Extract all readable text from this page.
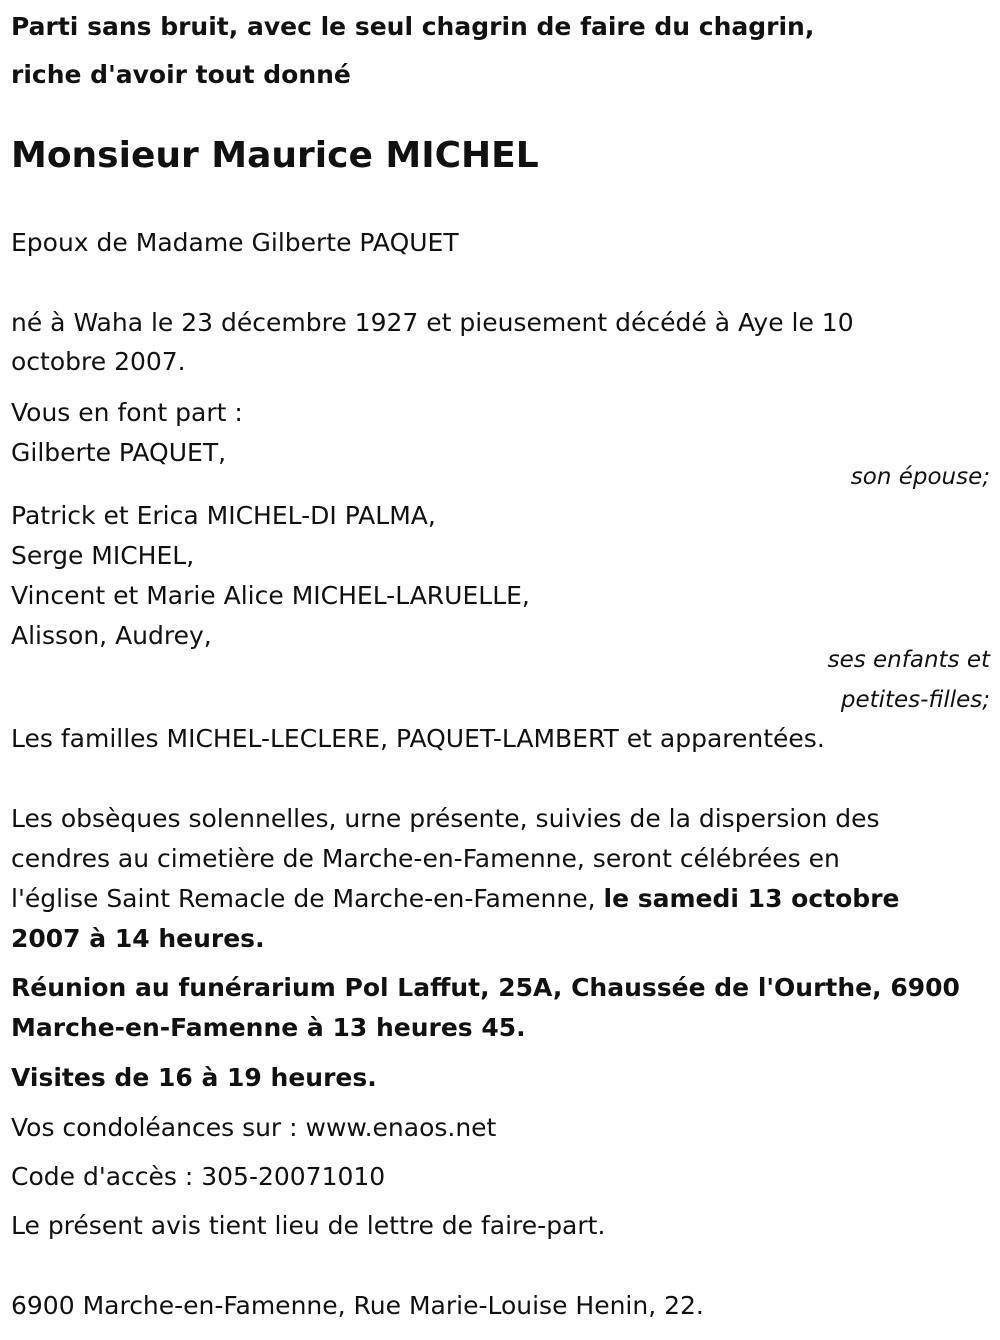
Parti sans bruit, avec le seul chagrin de faire du chagrin,

riche d'avoir tout donné

Monsieur Maurice MICHEL

Epoux de Madame Gilberte PAQUET

né à Waha le 23 décembre 1927 et pieusement décédé à Aye le 10

octobre 2007.

Vous en font part :

Gilberte PAQUET,

son épouse;

Patrick et Erica MICHEL-DI PALMA,

Serge MICHEL,

Vincent et Marie Alice MICHEL-LARUELLE,

Alisson, Audrey,

ses enfants et

petites-filles;

Les familles MICHEL-LECLERE, PAQUET-LAMBERT et apparentées.

Les obsèques solennelles, urne présente, suivies de la dispersion des

cendres au cimetière de Marche-en-Famenne, seront célébrées en

l'église Saint Remacle de Marche-en-Famenne, le samedi 13 octobre

2007 à 14 heures.

Réunion au funérarium Pol Laffut, 25A, Chaussée de l'Ourthe, 6900

Marche-en-Famenne à 13 heures 45.

Visites de 16 à 19 heures.

Vos condoléances sur : www.enaos.net

Code d'accès : 305-20071010

Le présent avis tient lieu de lettre de faire-part.

6900 Marche-en-Famenne, Rue Marie-Louise Henin, 22.
